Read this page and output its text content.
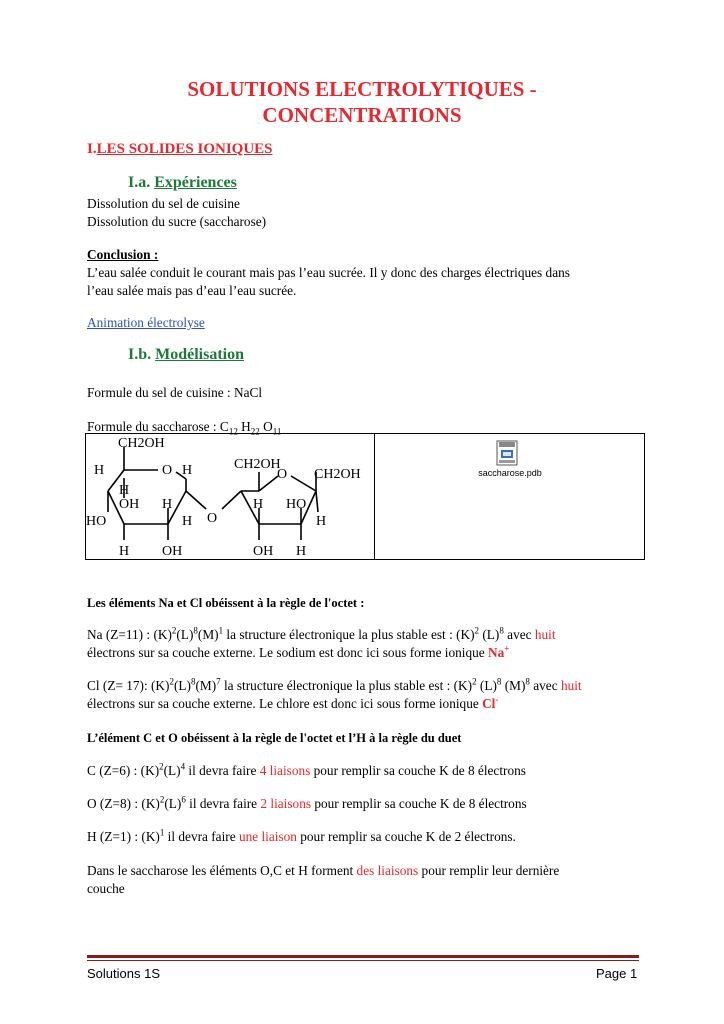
SOLUTIONS ELECTROLYTIQUES -
CONCENTRATIONS
I.LES SOLIDES IONIQUES
I.a. Expériences
Dissolution du sel de cuisine
Dissolution du sucre (saccharose)
Conclusion :
L’eau salée conduit le courant mais pas l’eau sucrée. Il y donc des charges électriques dans
l’eau salée mais pas d’eau l’eau sucrée.
Animation électrolyse
I.b. Modélisation
Formule du sel de cuisine : NaCl
Formule du saccharose : $C_{12}$ $H_{22}$ $O_{11}$
CH2OH
H	O H
H
OH H
HO
H OH
H O
CH2OH
O CH2OH
H HO
H
OH H
saccharose.pdb
Les éléments Na et Cl obéissent à la règle de l'octet :
Na (Z=11) : $(K)^2(L)^8(M)^1$ la structure électronique la plus stable est : $(K)^2$ $(L)^8$ avec huit
électrons sur sa couche externe. Le sodium est donc ici sous forme ionique Na+
Cl (Z= 17): $(K)^2(L)^8(M)^7$ la structure électronique la plus stable est : $(K)^2$ $(L)^8$ $(M)^8$ avec huit
électrons sur sa couche externe. Le chlore est donc ici sous forme ionique Cl-
L’élément C et O obéissent à la règle de l'octet et l’H à la règle du duet
C (Z=6) : $(K)^2(L)^4$ il devra faire 4 liaisons pour remplir sa couche K de 8 électrons
O (Z=8) : $(K)^2(L)^6$ il devra faire 2 liaisons pour remplir sa couche K de 8 électrons
H (Z=1) : $(K)^1$ il devra faire une liaison pour remplir sa couche K de 2 électrons.
Dans le saccharose les éléments O,C et H forment des liaisons pour remplir leur dernière
couche
Solutions 1S	Page 1
